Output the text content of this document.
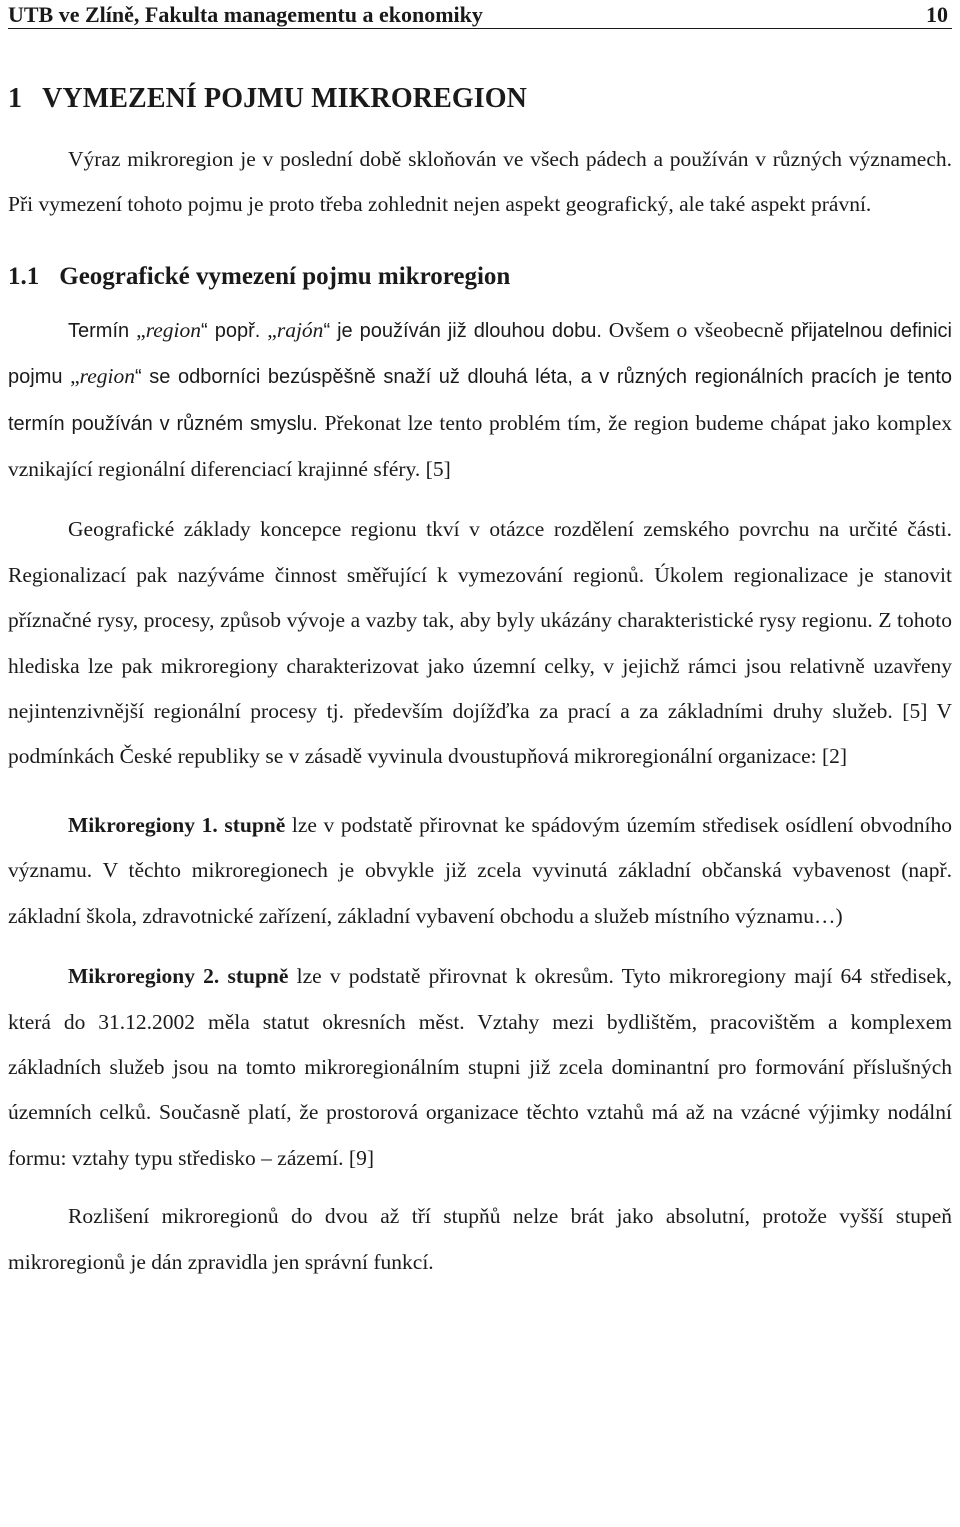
UTB ve Zlíně, Fakulta managementu a ekonomiky	10
1 VYMEZENÍ POJMU MIKROREGION

Výraz mikroregion je v poslední době skloňován ve všech pádech a používán v různých významech. Při vymezení tohoto pojmu je proto třeba zohlednit nejen aspekt geografický, ale také aspekt právní.

1.1 Geografické vymezení pojmu mikroregion

Termín „region“ popř. „rajón“ je používán již dlouhou dobu. Ovšem o všeobecně přijatelnou definici pojmu „region“ se odborníci bezúspěšně snaží už dlouhá léta, a v různých regionálních pracích je tento termín používán v různém smyslu. Překonat lze tento problém tím, že region budeme chápat jako komplex vznikající regionální diferenciací krajinné sféry. [5]

Geografické základy koncepce regionu tkví v otázce rozdělení zemského povrchu na určité části. Regionalizací pak nazýváme činnost směřující k vymezování regionů. Úkolem regionalizace je stanovit příznačné rysy, procesy, způsob vývoje a vazby tak, aby byly ukázány charakteristické rysy regionu. Z tohoto hlediska lze pak mikroregiony charakterizovat jako územní celky, v jejichž rámci jsou relativně uzavřeny nejintenzivnější regionální procesy tj. především dojížďka za prací a za základními druhy služeb. [5] V podmínkách České republiky se v zásadě vyvinula dvoustupňová mikroregionální organizace: [2]

Mikroregiony 1. stupně lze v podstatě přirovnat ke spádovým územím středisek osídlení obvodního významu. V těchto mikroregionech je obvykle již zcela vyvinutá základní občanská vybavenost (např. základní škola, zdravotnické zařízení, základní vybavení obchodu a služeb místního významu…)

Mikroregiony 2. stupně lze v podstatě přirovnat k okresům. Tyto mikroregiony mají 64 středisek, která do 31.12.2002 měla statut okresních měst. Vztahy mezi bydlištěm, pracovištěm a komplexem základních služeb jsou na tomto mikroregionálním stupni již zcela dominantní pro formování příslušných územních celků. Současně platí, že prostorová organizace těchto vztahů má až na vzácné výjimky nodální formu: vztahy typu středisko – zázemí. [9]

Rozlišení mikroregionů do dvou až tří stupňů nelze brát jako absolutní, protože vyšší stupeň mikroregionů je dán zpravidla jen správní funkcí.
